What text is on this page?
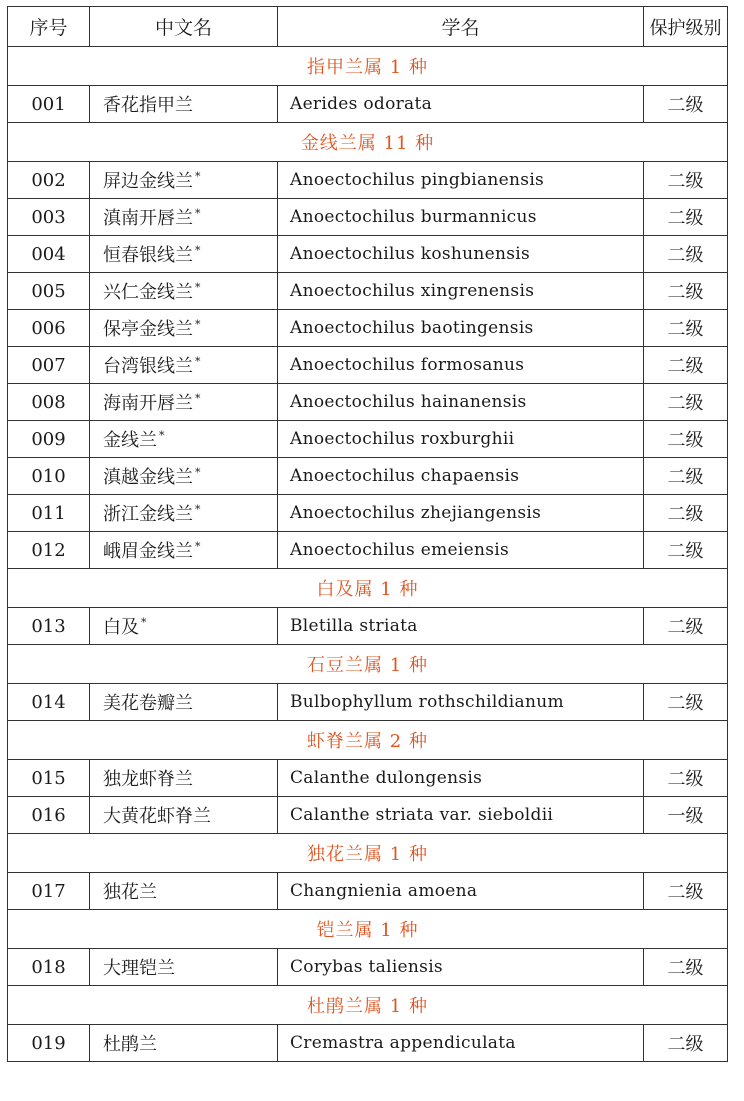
序号	中文名	学名	保护级别
指甲兰属 1 种			
001	香花指甲兰	Aerides odorata	二级
金线兰属 11 种			
002	屏边金线兰 *	Anoectochilus pingbianensis	二级
003	滇南开唇兰 *	Anoectochilus burmannicus	二级
004	恒春银线兰 *	Anoectochilus koshunensis	二级
005	兴仁金线兰 *	Anoectochilus xingrenensis	二级
006	保亭金线兰 *	Anoectochilus baotingensis	二级
007	台湾银线兰 *	Anoectochilus formosanus	二级
008	海南开唇兰 *	Anoectochilus hainanensis	二级
009	金线兰 *	Anoectochilus roxburghii	二级
010	滇越金线兰 *	Anoectochilus chapaensis	二级
011	浙江金线兰 *	Anoectochilus zhejiangensis	二级
012	峨眉金线兰 *	Anoectochilus emeiensis	二级
白及属 1 种			
013	白及 *	Bletilla striata	二级
石豆兰属 1 种			
014	美花卷瓣兰	Bulbophyllum rothschildianum	二级
虾脊兰属 2 种			
015	独龙虾脊兰	Calanthe dulongensis	二级
016	大黄花虾脊兰	Calanthe striata var. sieboldii	一级
独花兰属 1 种			
017	独花兰	Changnienia amoena	二级
铠兰属 1 种			
018	大理铠兰	Corybas taliensis	二级
杜鹃兰属 1 种			
019	杜鹃兰	Cremastra appendiculata	二级
